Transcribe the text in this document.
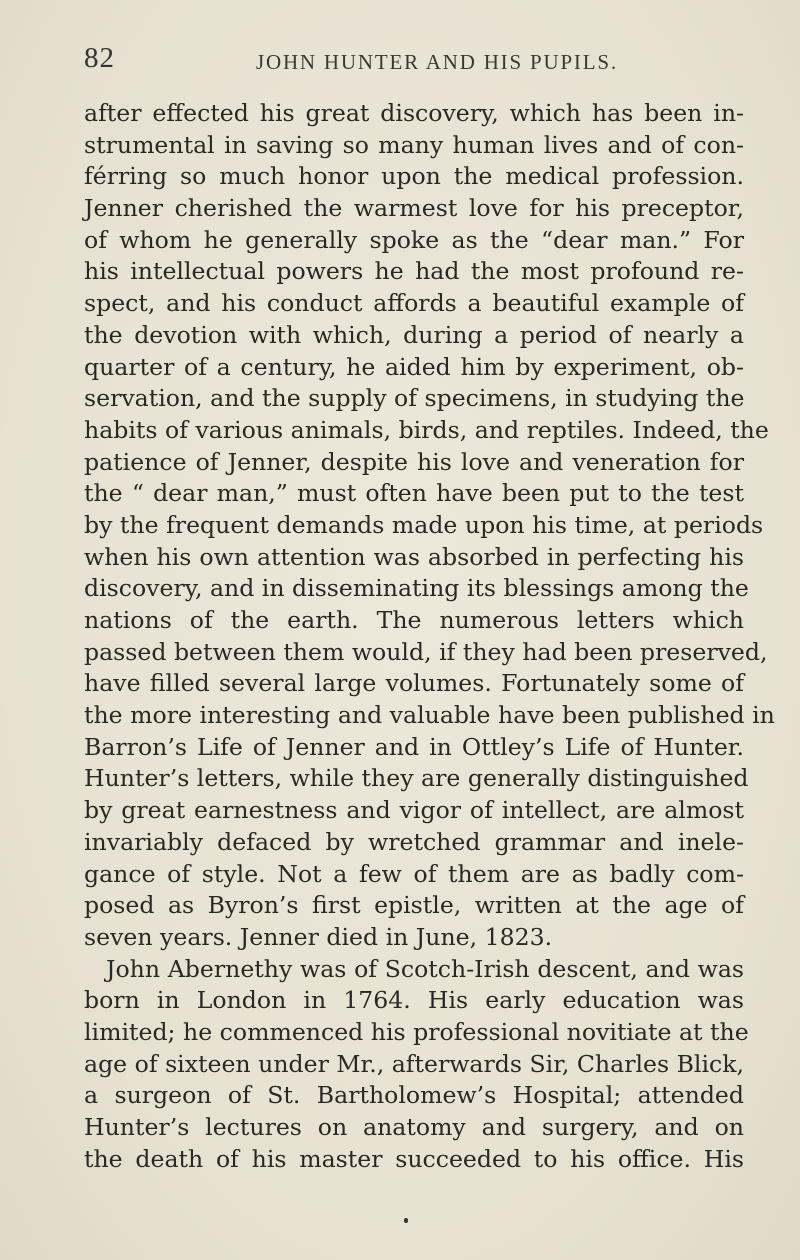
82	JOHN HUNTER AND HIS PUPILS.
after effected his great discovery, which has been in-
strumental in saving so many human lives and of con-
férring so much honor upon the medical profession.
Jenner cherished the warmest love for his preceptor,
of whom he generally spoke as the “dear man.” For
his intellectual powers he had the most profound re-
spect, and his conduct affords a beautiful example of
the devotion with which, during a period of nearly a
quarter of a century, he aided him by experiment, ob-
servation, and the supply of specimens, in studying the
habits of various animals, birds, and reptiles. Indeed, the
patience of Jenner, despite his love and veneration for
the “ dear man,” must often have been put to the test
by the frequent demands made upon his time, at periods
when his own attention was absorbed in perfecting his
discovery, and in disseminating its blessings among the
nations of the earth. The numerous letters which
passed between them would, if they had been preserved,
have filled several large volumes. Fortunately some of
the more interesting and valuable have been published in
Barron’s Life of Jenner and in Ottley’s Life of Hunter.
Hunter’s letters, while they are generally distinguished
by great earnestness and vigor of intellect, are almost
invariably defaced by wretched grammar and inele-
gance of style. Not a few of them are as badly com-
posed as Byron’s first epistle, written at the age of
seven years. Jenner died in June, 1823.
John Abernethy was of Scotch-Irish descent, and was
born in London in 1764. His early education was
limited; he commenced his professional novitiate at the
age of sixteen under Mr., afterwards Sir, Charles Blick,
a surgeon of St. Bartholomew’s Hospital; attended
Hunter’s lectures on anatomy and surgery, and on
the death of his master succeeded to his office. His
